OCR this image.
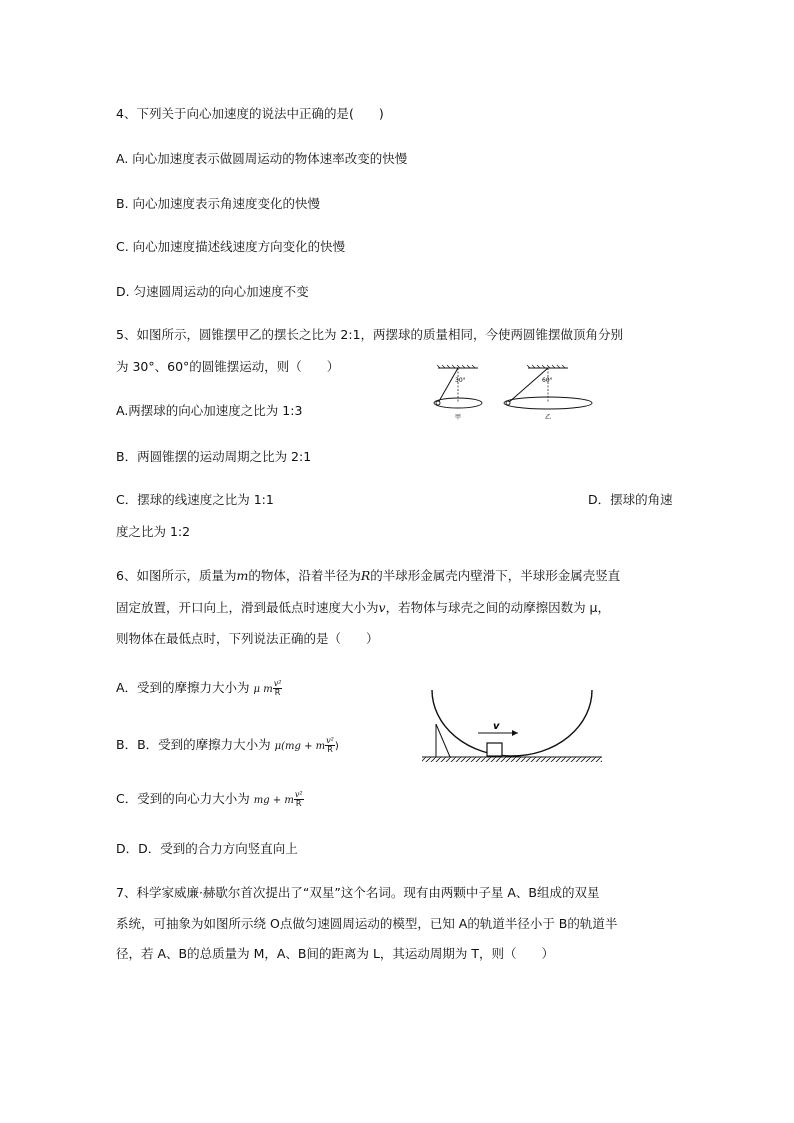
4、下列关于向心加速度的说法中正确的是(　　)
A. 向心加速度表示做圆周运动的物体速率改变的快慢
B. 向心加速度表示角速度变化的快慢
C. 向心加速度描述线速度方向变化的快慢
D. 匀速圆周运动的向心加速度不变
5、如图所示，圆锥摆甲乙的摆长之比为 2:1，两摆球的质量相同，今使两圆锥摆做顶角分别
为 30°、60°的圆锥摆运动，则（　　）
30°
甲
60°
乙
A.两摆球的向心加速度之比为 1:3
B．两圆锥摆的运动周期之比为 2:1
C．摆球的线速度之比为 1:1	D．摆球的角速
度之比为 1:2
6、如图所示，质量为m的物体，沿着半径为R的半球形金属壳内壁滑下，半球形金属壳竖直
固定放置，开口向上，滑到最低点时速度大小为v，若物体与球壳之间的动摩擦因数为 μ，
则物体在最低点时，下列说法正确的是（　　）
A．受到的摩擦力大小为 μ m $\frac{\text{v²}}{R}$
B．B．受到的摩擦力大小为 μ(mg + m $\frac{\text{v²}}{R}$ )
C．受到的向心力大小为 mg + m $\frac{\text{v²}}{R}$
D．D．受到的合力方向竖直向上
v
7、科学家威廉·赫歇尔首次提出了“双星”这个名词。现有由两颗中子星 A、B组成的双星
系统，可抽象为如图所示绕 O点做匀速圆周运动的模型，已知 A的轨道半径小于 B的轨道半
径，若 A、B的总质量为 M，A、B间的距离为 L，其运动周期为 T，则（　　）
